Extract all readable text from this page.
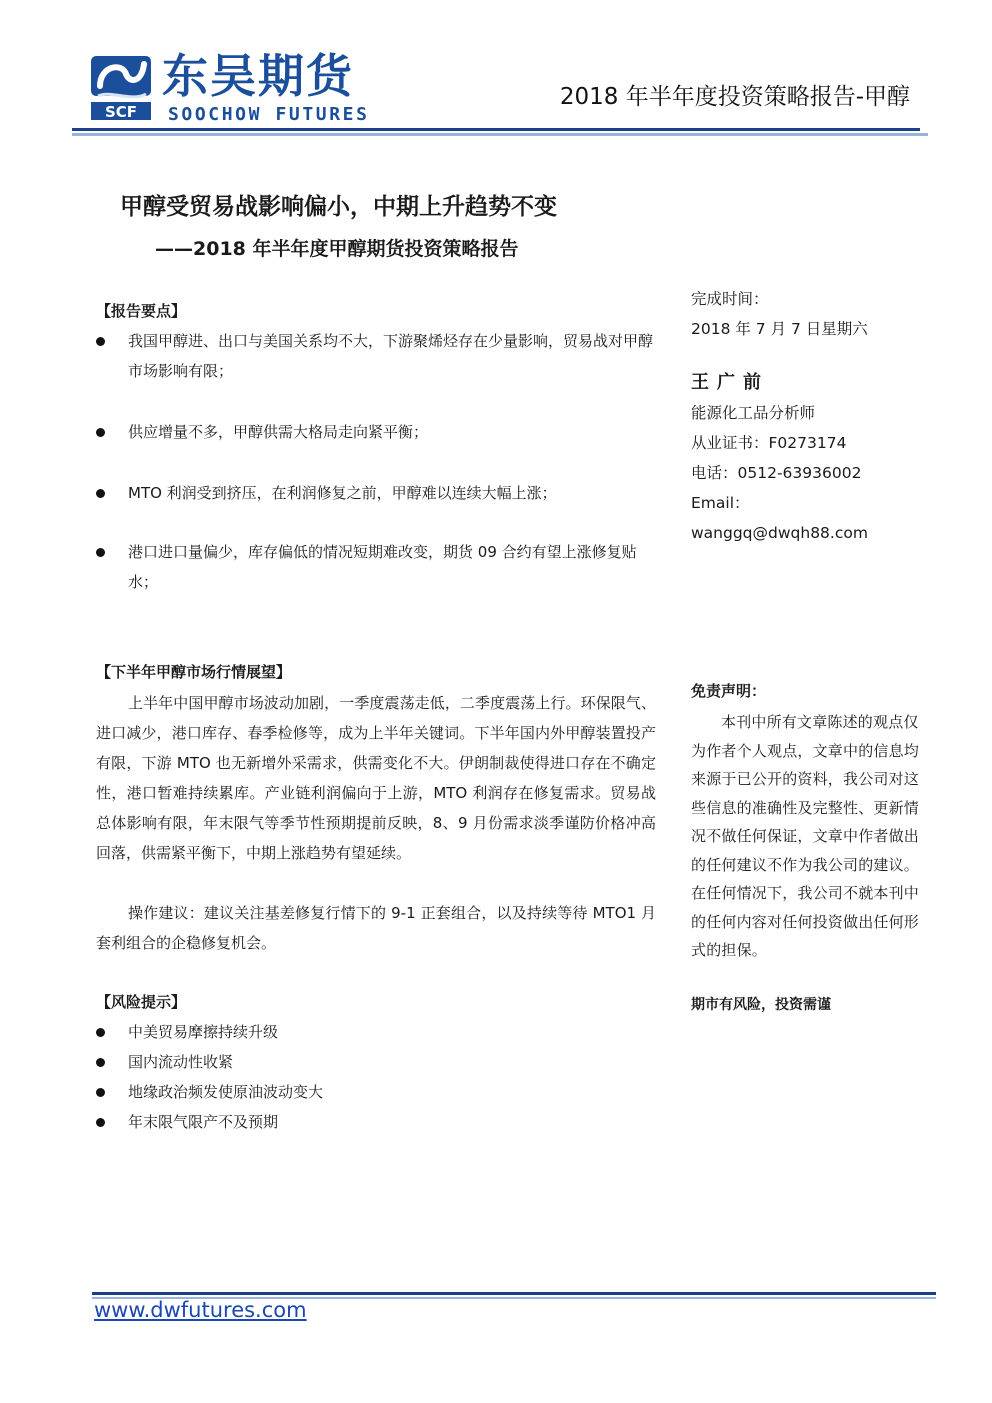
SCF
东吴期货
SOOCHOW FUTURES
2018 年半年度投资策略报告-甲醇
甲醇受贸易战影响偏小，中期上升趋势不变
——2018 年半年度甲醇期货投资策略报告
【报告要点】
我国甲醇进、出口与美国关系均不大，下游聚烯烃存在少量影响，贸易战对甲醇市场影响有限；
供应增量不多，甲醇供需大格局走向紧平衡；
MTO 利润受到挤压，在利润修复之前，甲醇难以连续大幅上涨；
港口进口量偏少，库存偏低的情况短期难改变，期货 09 合约有望上涨修复贴水；
【下半年甲醇市场行情展望】

上半年中国甲醇市场波动加剧，一季度震荡走低，二季度震荡上行。环保限气、进口减少，港口库存、春季检修等，成为上半年关键词。下半年国内外甲醇装置投产有限，下游 MTO 也无新增外采需求，供需变化不大。伊朗制裁使得进口存在不确定性，港口暂难持续累库。产业链利润偏向于上游，MTO 利润存在修复需求。贸易战总体影响有限，年末限气等季节性预期提前反映，8、9 月份需求淡季谨防价格冲高回落，供需紧平衡下，中期上涨趋势有望延续。

操作建议：建议关注基差修复行情下的 9-1 正套组合，以及持续等待 MTO1 月套利组合的企稳修复机会。

【风险提示】
中美贸易摩擦持续升级
国内流动性收紧
地缘政治频发使原油波动变大
年末限气限产不及预期
完成时间：
2018 年 7 月 7 日星期六
王广前
能源化工品分析师
从业证书：F0273174
电话：0512-63936002
Email：
wanggq@dwqh88.com
免责声明：

本刊中所有文章陈述的观点仅为作者个人观点，文章中的信息均来源于已公开的资料，我公司对这些信息的准确性及完整性、更新情况不做任何保证，文章中作者做出的任何建议不作为我公司的建议。在任何情况下，我公司不就本刊中的任何内容对任何投资做出任何形式的担保。

期市有风险，投资需谨
www.dwfutures.com
